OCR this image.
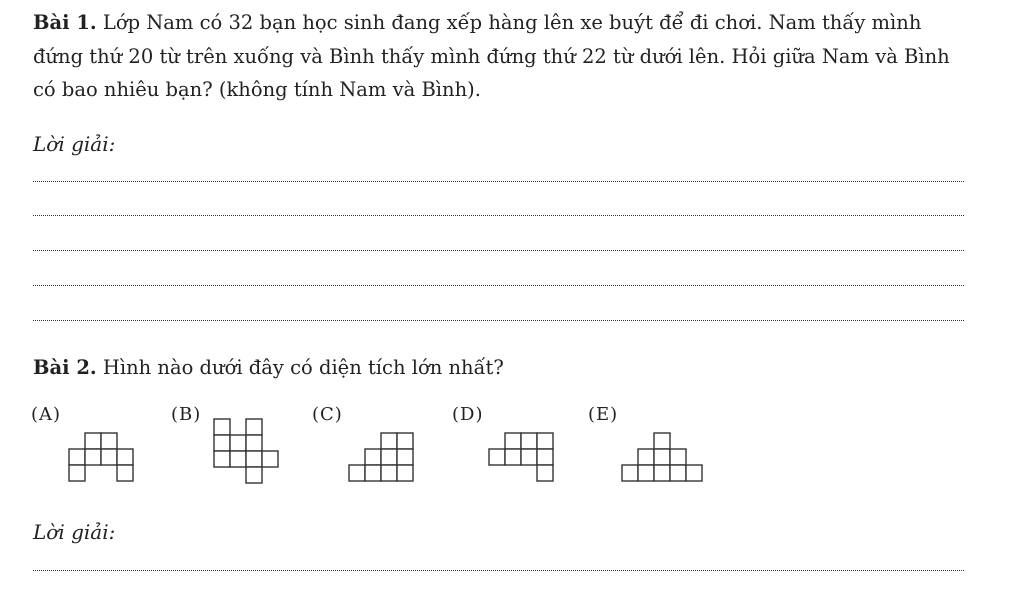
Bài 1. Lớp Nam có 32 bạn học sinh đang xếp hàng lên xe buýt để đi chơi. Nam thấy mình đứng thứ 20 từ trên xuống và Bình thấy mình đứng thứ 22 từ dưới lên. Hỏi giữa Nam và Bình có bao nhiêu bạn? (không tính Nam và Bình).
Lời giải:
Bài 2. Hình nào dưới đây có diện tích lớn nhất?
(A)	(B)	(C)	(D)	(E)
Lời giải:
